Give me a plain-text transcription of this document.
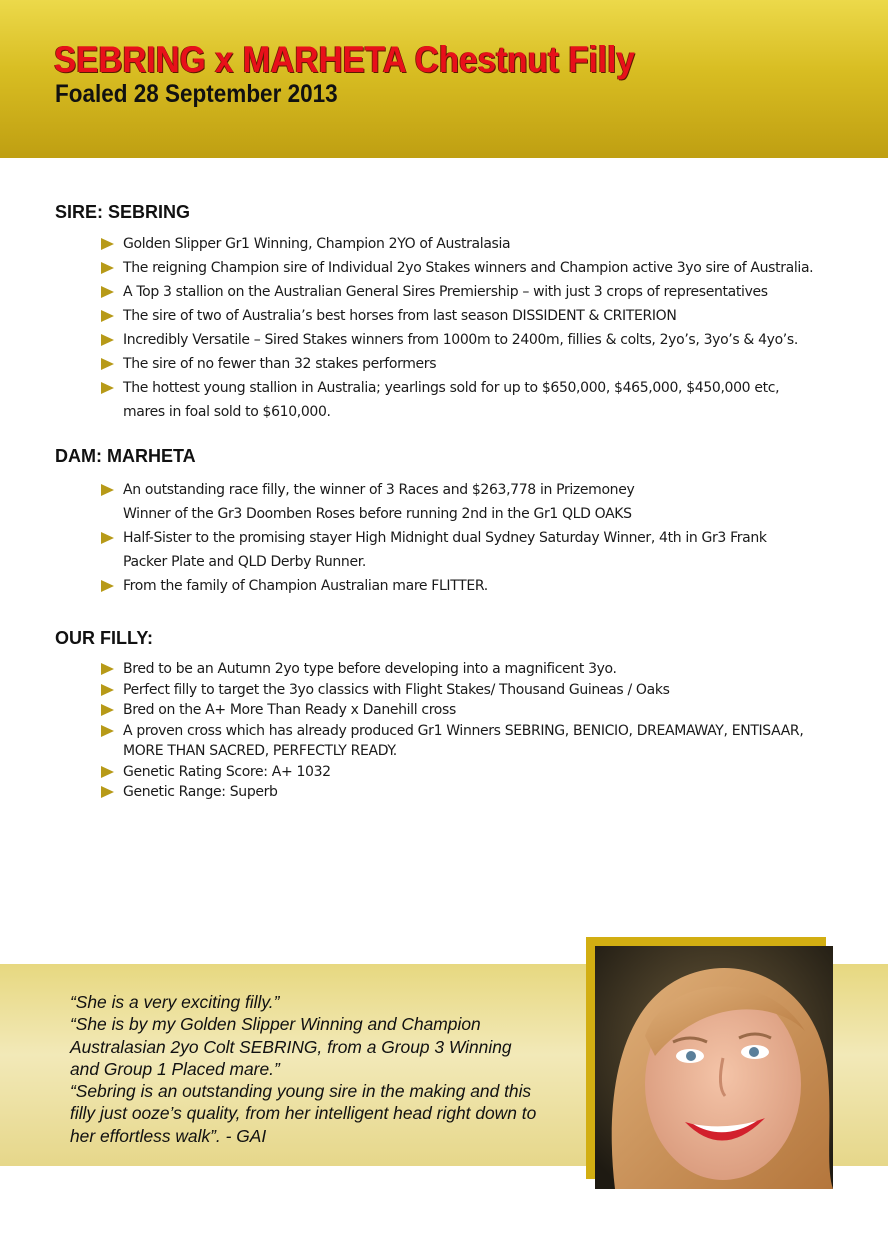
SEBRING x MARHETA Chestnut Filly
Foaled 28 September 2013
SIRE: SEBRING
Golden Slipper Gr1 Winning, Champion 2YO of Australasia
The reigning Champion sire of Individual 2yo Stakes winners and Champion active 3yo sire of Australia.
A Top 3 stallion on the Australian General Sires Premiership – with just 3 crops of representatives
The sire of two of Australia’s best horses from last season DISSIDENT & CRITERION
Incredibly Versatile – Sired Stakes winners from 1000m to 2400m, fillies & colts, 2yo’s, 3yo’s & 4yo’s.
The sire of no fewer than 32 stakes performers
The hottest young stallion in Australia; yearlings sold for up to $650,000, $465,000, $450,000 etc,
mares in foal sold to $610,000.
DAM: MARHETA
An outstanding race filly, the winner of 3 Races and $263,778 in Prizemoney
Winner of the Gr3 Doomben Roses before running 2nd in the Gr1 QLD OAKS
Half-Sister to the promising stayer High Midnight dual Sydney Saturday Winner, 4th in Gr3 Frank
Packer Plate and QLD Derby Runner.
From the family of Champion Australian mare FLITTER.
OUR FILLY:
Bred to be an Autumn 2yo type before developing into a magnificent 3yo.
Perfect filly to target the 3yo classics with Flight Stakes/ Thousand Guineas / Oaks
Bred on the A+ More Than Ready x Danehill cross
A proven cross which has already produced Gr1 Winners SEBRING, BENICIO, DREAMAWAY, ENTISAAR,
MORE THAN SACRED, PERFECTLY READY.
Genetic Rating Score: A+ 1032
Genetic Range: Superb

“She is a very exciting filly.”
“She is by my Golden Slipper Winning and Champion
Australasian 2yo Colt SEBRING, from a Group 3 Winning
and Group 1 Placed mare.”
“Sebring is an outstanding young sire in the making and this
filly just ooze’s quality, from her intelligent head right down to
her effortless walk”. - GAI
